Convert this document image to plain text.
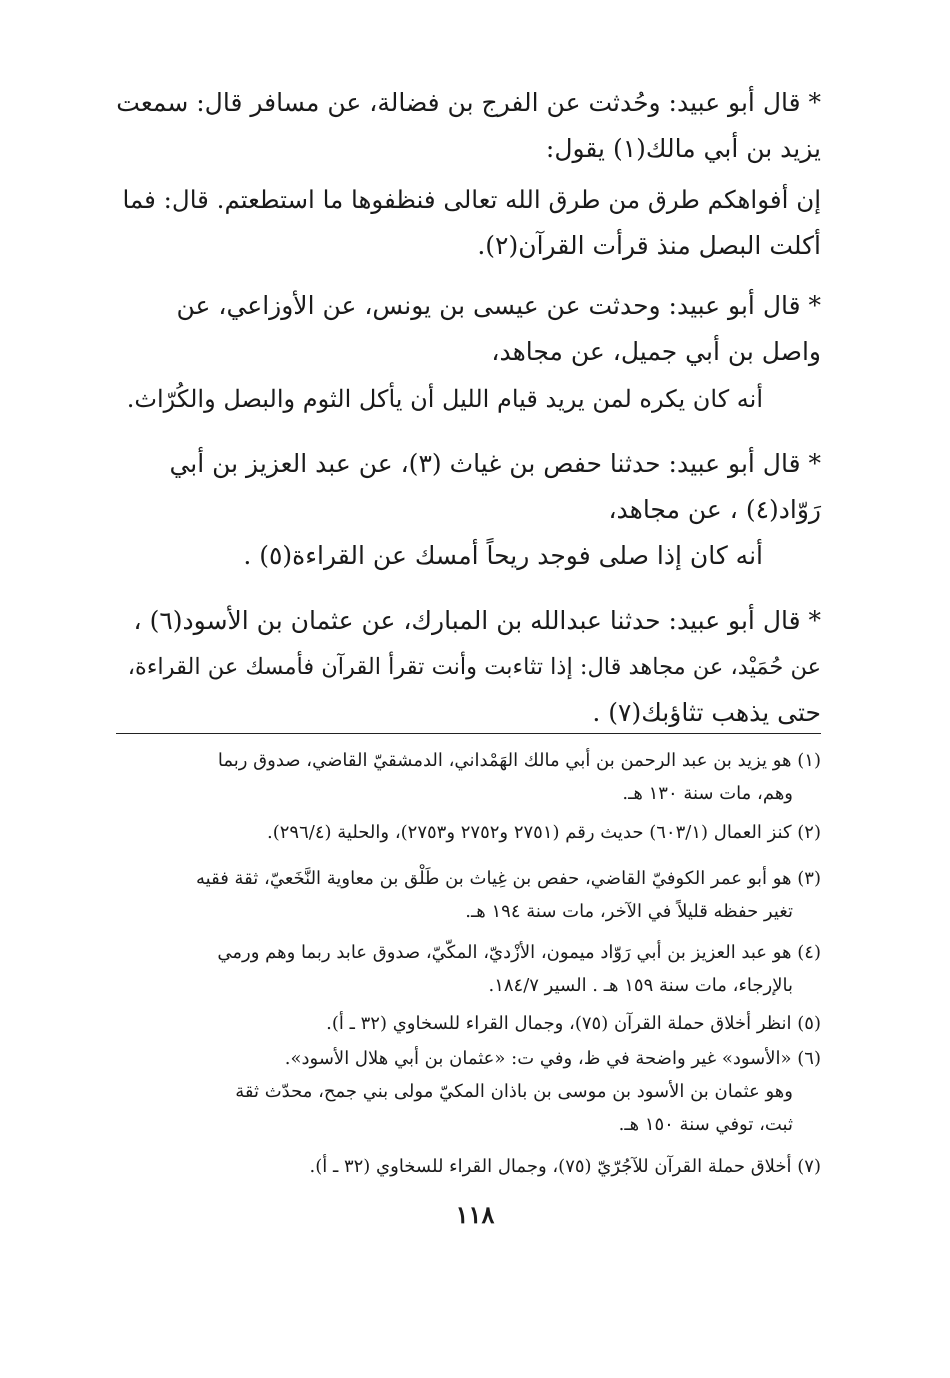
* قال أبو عبيد: وحُدثت عن الفرج بن فضالة، عن مسافر قال: سمعت
يزيد بن أبي مالك(١) يقول:
إن أفواهكم طرق من طرق الله تعالى فنظفوها ما استطعتم. قال: فما
أكلت البصل منذ قرأت القرآن(٢).
* قال أبو عبيد: وحدثت عن عيسى بن يونس، عن الأوزاعي، عن
واصل بن أبي جميل، عن مجاهد،
أنه كان يكره لمن يريد قيام الليل أن يأكل الثوم والبصل والكُرّاث.
* قال أبو عبيد: حدثنا حفص بن غياث (٣)، عن عبد العزيز بن أبي
رَوّاد(٤) ، عن مجاهد،
أنه كان إذا صلى فوجد ريحاً أمسك عن القراءة(٥) .
* قال أبو عبيد: حدثنا عبدالله بن المبارك، عن عثمان بن الأسود(٦) ،
عن حُمَيْد، عن مجاهد قال: إذا تثاءبت وأنت تقرأ القرآن فأمسك عن القراءة،
حتى يذهب تثاؤبك(٧) .
(١) هو يزيد بن عبد الرحمن بن أبي مالك الهَمْداني، الدمشقيّ القاضي، صدوق ربما
وهم، مات سنة ١٣٠ هـ.
(٢) كنز العمال (٦٠٣/١) حديث رقم (٢٧٥١ و٢٧٥٢ و٢٧٥٣)، والحلية (٢٩٦/٤).
(٣) هو أبو عمر الكوفيّ القاضي، حفص بن غِياث بن طَلْق بن معاوية النَّخَعيّ، ثقة فقيه
تغير حفظه قليلاً في الآخر، مات سنة ١٩٤ هـ.
(٤) هو عبد العزيز بن أبي رَوّاد ميمون، الأزْديّ، المكّيّ، صدوق عابد ربما وهم ورمي
بالإرجاء، مات سنة ١٥٩ هـ . السير ١٨٤/٧.
(٥) انظر أخلاق حملة القرآن (٧٥)، وجمال القراء للسخاوي (٣٢ ـ أ).
(٦) «الأسود» غير واضحة في ظ، وفي ت: «عثمان بن أبي هلال الأسود».
وهو عثمان بن الأسود بن موسى بن باذان المكيّ مولى بني جمح، محدّث ثقة
ثبت، توفي سنة ١٥٠ هـ.
(٧) أخلاق حملة القرآن للآجُرّيّ (٧٥)، وجمال القراء للسخاوي (٣٢ ـ أ).
١١٨
